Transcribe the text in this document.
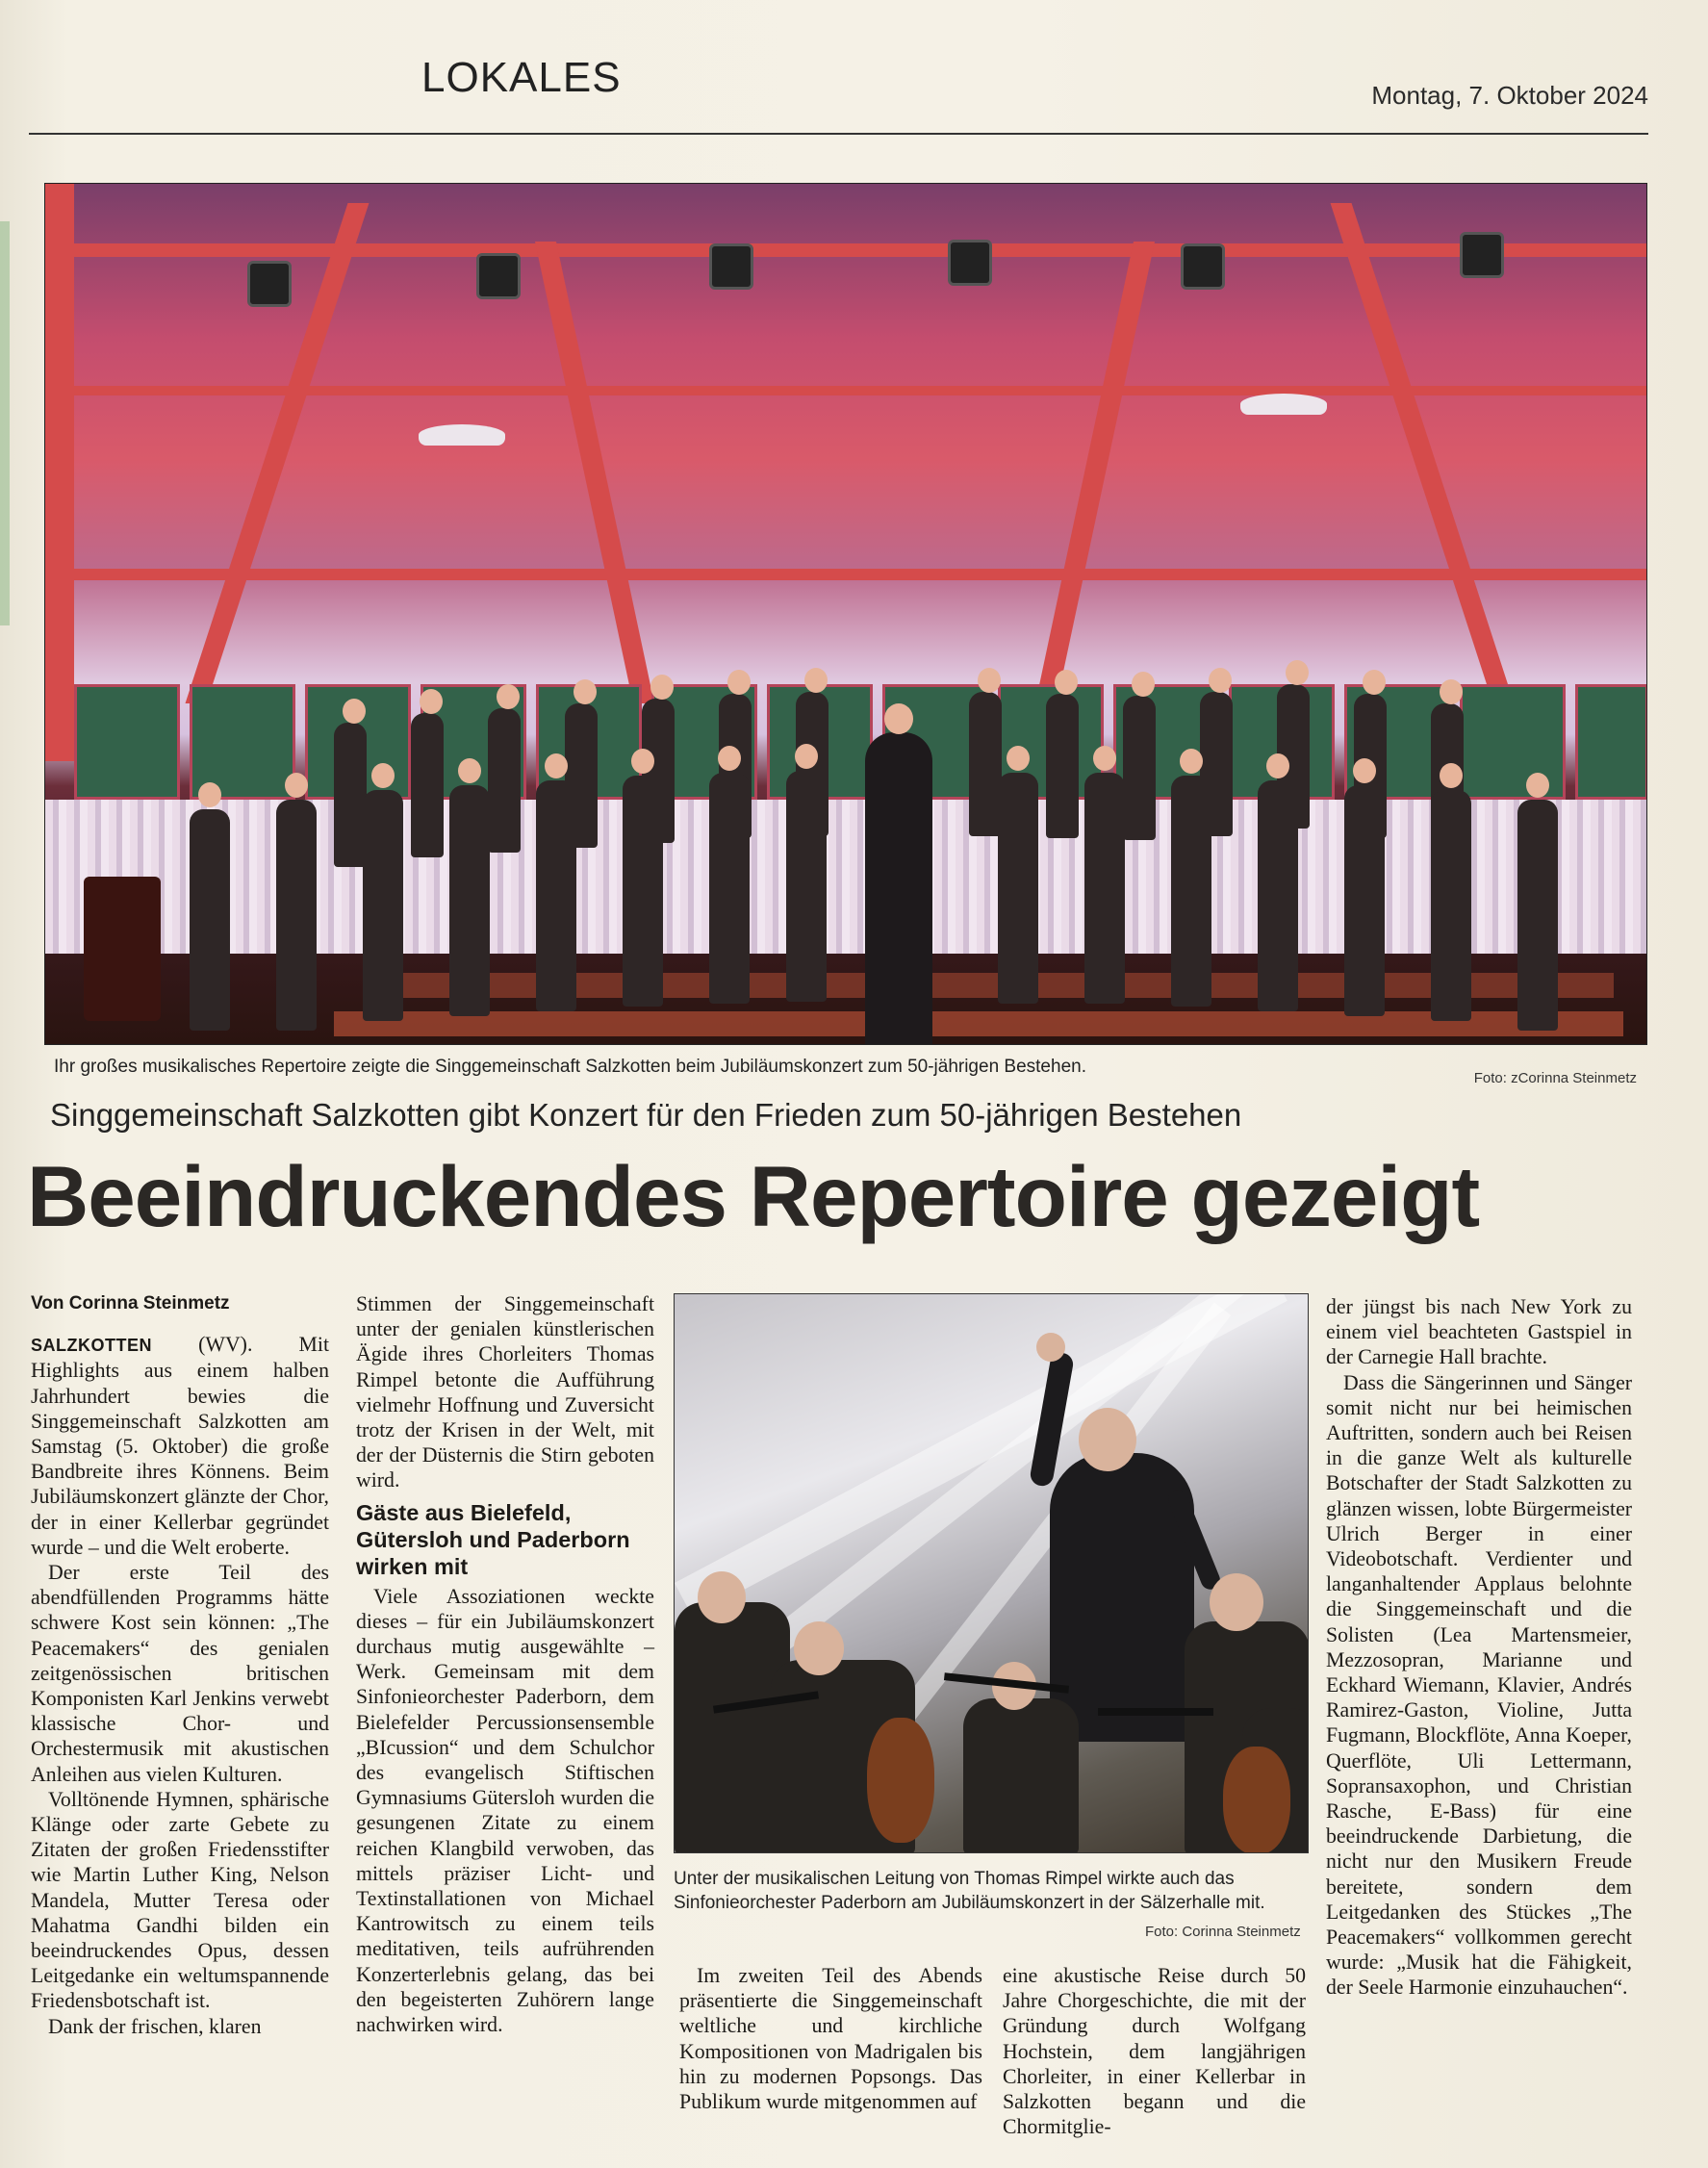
LOKALES	Montag, 7. Oktober 2024
Ihr großes musikalisches Repertoire zeigte die Singgemeinschaft Salzkotten beim Jubiläumskonzert zum 50-jährigen Bestehen.
Foto: zCorinna Steinmetz
Singgemeinschaft Salzkotten gibt Konzert für den Frieden zum 50-jährigen Bestehen
Beeindruckendes Repertoire gezeigt

Von Corinna Steinmetz

SALZKOTTEN (WV). Mit Highlights aus einem halben Jahrhundert bewies die Singgemeinschaft Salzkotten am Samstag (5. Oktober) die große Bandbreite ihres Könnens. Beim Jubiläumskonzert glänzte der Chor, der in einer Kellerbar gegründet wurde – und die Welt eroberte.

Der erste Teil des abendfüllenden Programms hätte schwere Kost sein können: „The Peacemakers“ des genialen zeitgenössischen britischen Komponisten Karl Jenkins verwebt klassische Chor- und Orchestermusik mit akustischen Anleihen aus vielen Kulturen.

Volltönende Hymnen, sphärische Klänge oder zarte Gebete zu Zitaten der großen Friedensstifter wie Martin Luther King, Nelson Mandela, Mutter Teresa oder Mahatma Gandhi bilden ein beeindruckendes Opus, dessen Leitgedanke ein weltumspannende Friedensbotschaft ist.

Dank der frischen, klaren

Stimmen der Singgemeinschaft unter der genialen künstlerischen Ägide ihres Chorleiters Thomas Rimpel betonte die Aufführung vielmehr Hoffnung und Zuversicht trotz der Krisen in der Welt, mit der der Düsternis die Stirn geboten wird.

Gäste aus Bielefeld, Gütersloh und Paderborn wirken mit

Viele Assoziationen weckte dieses – für ein Jubiläumskonzert durchaus mutig ausgewählte –Werk. Gemeinsam mit dem Sinfonieorchester Paderborn, dem Bielefelder Percussionsensemble „BIcussion“ und dem Schulchor des evangelisch Stiftischen Gymnasiums Gütersloh wurden die gesungenen Zitate zu einem reichen Klangbild verwoben, das mittels präziser Licht- und Textinstallationen von Michael Kantrowitsch zu einem teils meditativen, teils aufrührenden Konzerterlebnis gelang, das bei den begeisterten Zuhörern lange nachwirken wird.

Unter der musikalischen Leitung von Thomas Rimpel wirkte auch das Sinfonieorchester Paderborn am Jubiläumskonzert in der Sälzerhalle mit.
Foto: Corinna Steinmetz

Im zweiten Teil des Abends präsentierte die Singgemeinschaft weltliche und kirchliche Kompositionen von Madrigalen bis hin zu modernen Popsongs. Das Publikum wurde mitgenommen auf

eine akustische Reise durch 50 Jahre Chorgeschichte, die mit der Gründung durch Wolfgang Hochstein, dem langjährigen Chorleiter, in einer Kellerbar in Salzkotten begann und die Chormitglie-

der jüngst bis nach New York zu einem viel beachteten Gastspiel in der Carnegie Hall brachte.

Dass die Sängerinnen und Sänger somit nicht nur bei heimischen Auftritten, sondern auch bei Reisen in die ganze Welt als kulturelle Botschafter der Stadt Salzkotten zu glänzen wissen, lobte Bürgermeister Ulrich Berger in einer Videobotschaft. Verdienter und langanhaltender Applaus belohnte die Singgemeinschaft und die Solisten (Lea Martensmeier, Mezzosopran, Marianne und Eckhard Wiemann, Klavier, Andrés Ramirez-Gaston, Violine, Jutta Fugmann, Blockflöte, Anna Koeper, Querflöte, Uli Lettermann, Sopransaxophon, und Christian Rasche, E-Bass) für eine beeindruckende Darbietung, die nicht nur den Musikern Freude bereitete, sondern dem Leitgedanken des Stückes „The Peacemakers“ vollkommen gerecht wurde: „Musik hat die Fähigkeit, der Seele Harmonie einzuhauchen“.
